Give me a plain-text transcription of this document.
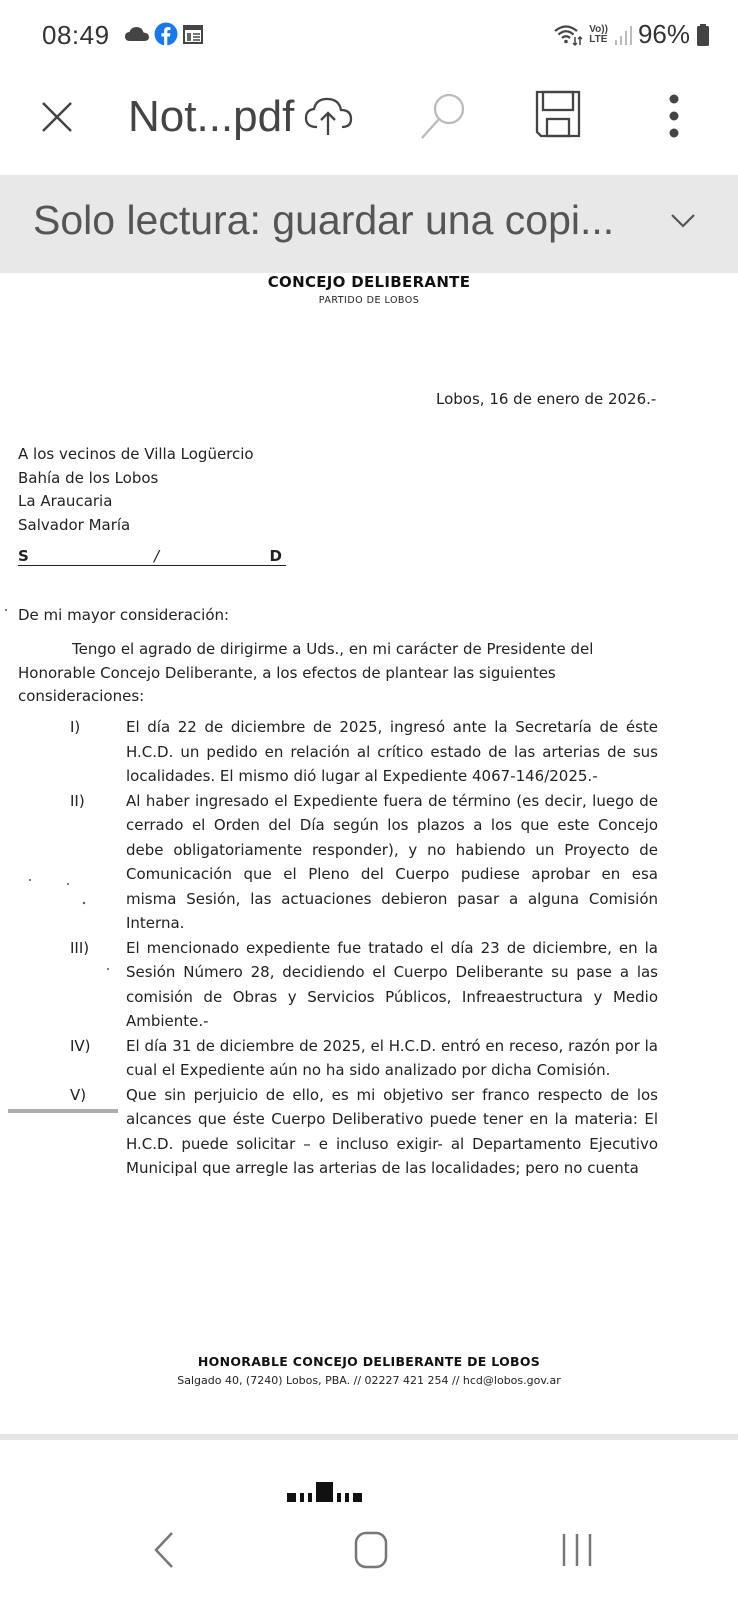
08:49	Vo))
LTE 96%
Not...pdf
Solo lectura: guardar una copi...
CONCEJO DELIBERANTE
PARTIDO DE LOBOS
Lobos, 16 de enero de 2026.-
A los vecinos de Villa Logüercio
Bahía de los Lobos
La Araucaria
Salvador María
S	/	D
De mi mayor consideración:
Tengo el agrado de dirigirme a Uds., en mi carácter de Presidente del
Honorable Concejo Deliberante, a los efectos de plantear las siguientes
consideraciones:
I)	El día 22 de diciembre de 2025, ingresó ante la Secretaría de éste
H.C.D. un pedido en relación al crítico estado de las arterias de sus
localidades. El mismo dió lugar al Expediente 4067-146/2025.-
II)	Al haber ingresado el Expediente fuera de término (es decir, luego de
cerrado el Orden del Día según los plazos a los que este Concejo
debe obligatoriamente responder), y no habiendo un Proyecto de
Comunicación que el Pleno del Cuerpo pudiese aprobar en esa
misma Sesión, las actuaciones debieron pasar a alguna Comisión
Interna.
III)	El mencionado expediente fue tratado el día 23 de diciembre, en la
Sesión Número 28, decidiendo el Cuerpo Deliberante su pase a las
comisión de Obras y Servicios Públicos, Infreaestructura y Medio
Ambiente.-
IV)	El día 31 de diciembre de 2025, el H.C.D. entró en receso, razón por la
cual el Expediente aún no ha sido analizado por dicha Comisión.
V)	Que sin perjuicio de ello, es mi objetivo ser franco respecto de los
alcances que éste Cuerpo Deliberativo puede tener en la materia: El
H.C.D. puede solicitar – e incluso exigir- al Departamento Ejecutivo
Municipal que arregle las arterias de las localidades; pero no cuenta
HONORABLE CONCEJO DELIBERANTE DE LOBOS
Salgado 40, (7240) Lobos, PBA. // 02227 421 254 // hcd@lobos.gov.ar
